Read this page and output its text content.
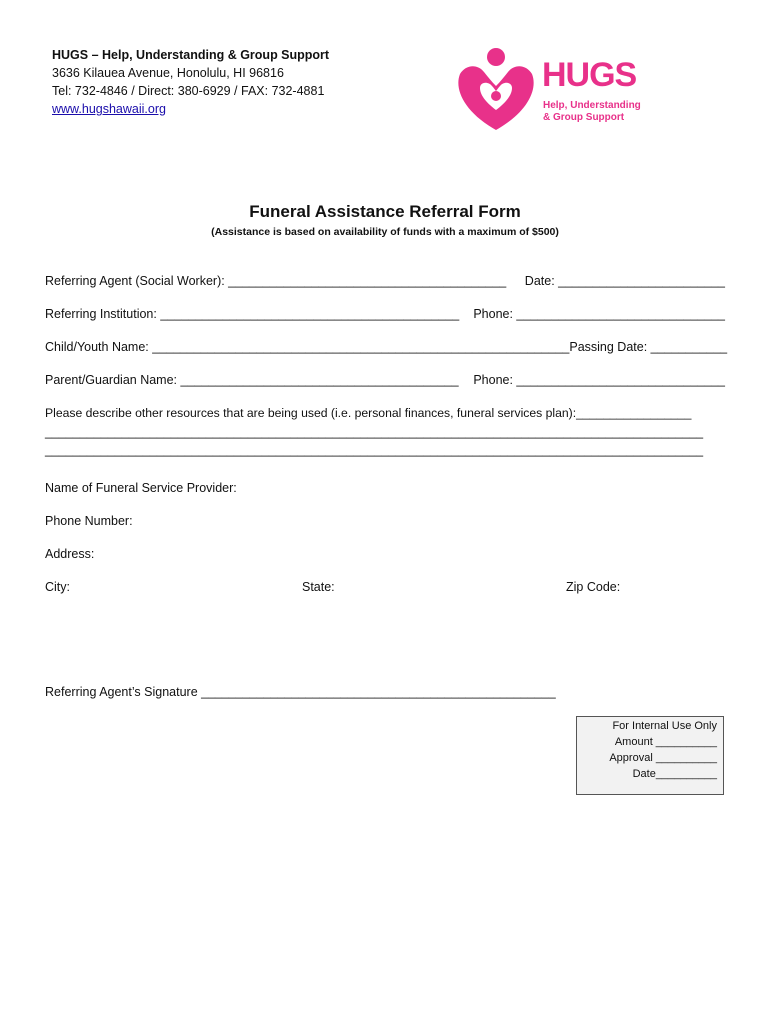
HUGS – Help, Understanding & Group Support
3636 Kilauea Avenue, Honolulu, HI 96816
Tel: 732-4846 / Direct: 380-6929 / FAX: 732-4881
www.hugshawaii.org
HUGS
Help, Understanding
& Group Support
Funeral Assistance Referral Form
(Assistance is based on availability of funds with a maximum of $500)
Referring Agent (Social Worker): ________________________________________ Date: ________________________
Referring Institution: ___________________________________________ Phone: ______________________________
Child/Youth Name: ____________________________________________________________ Passing Date: ___________
Parent/Guardian Name: ________________________________________ Phone: ______________________________
Please describe other resources that are being used (i.e. personal finances, funeral services plan):_________________
______________________________________________________________________________________________
______________________________________________________________________________________________
Name of Funeral Service Provider:
Phone Number:
Address:
City:	State:	Zip Code:
Referring Agent’s Signature ___________________________________________________
For Internal Use Only
Amount __________
Approval __________
Date__________
